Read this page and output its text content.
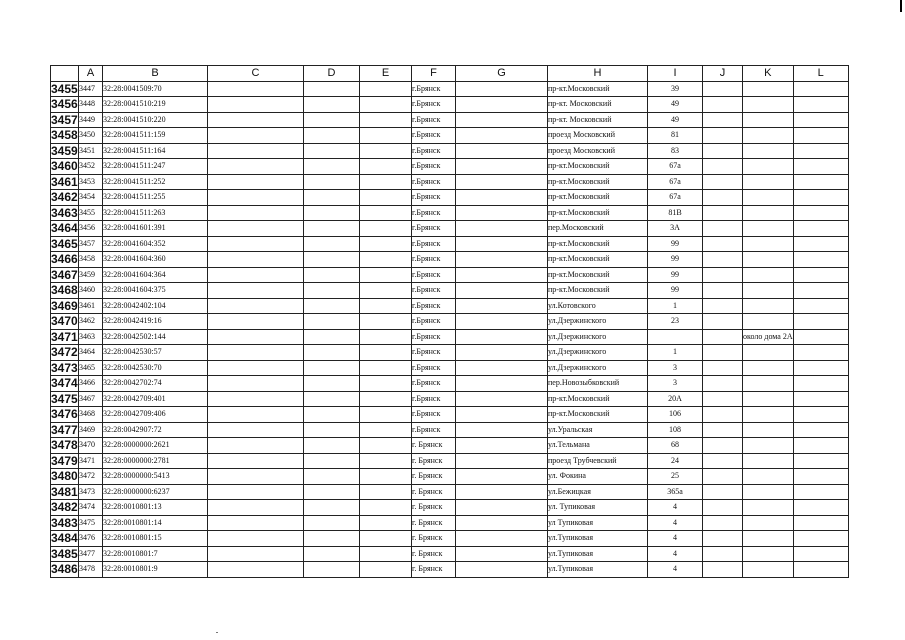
	A	B	C	D	E	F	G	H	I	J	K	L
3455	3447	32:28:0041509:70				г.Брянск		пр-кт.Московский	39			
3456	3448	32:28:0041510:219				г.Брянск		пр-кт. Московский	49			
3457	3449	32:28:0041510:220				г.Брянск		пр-кт. Московский	49			
3458	3450	32:28:0041511:159				г.Брянск		проезд Московский	81			
3459	3451	32:28:0041511:164				г.Брянск		проезд Московский	83			
3460	3452	32:28:0041511:247				г.Брянск		пр-кт.Московский	67а			
3461	3453	32:28:0041511:252				г.Брянск		пр-кт.Московский	67а			
3462	3454	32:28:0041511:255				г.Брянск		пр-кт.Московский	67а			
3463	3455	32:28:0041511:263				г.Брянск		пр-кт.Московский	81В			
3464	3456	32:28:0041601:391				г.Брянск		пер.Московский	3А			
3465	3457	32:28:0041604:352				г.Брянск		пр-кт.Московский	99			
3466	3458	32:28:0041604:360				г.Брянск		пр-кт.Московский	99			
3467	3459	32:28:0041604:364				г.Брянск		пр-кт.Московский	99			
3468	3460	32:28:0041604:375				г.Брянск		пр-кт.Московский	99			
3469	3461	32:28:0042402:104				г.Брянск		ул.Котовского	1			
3470	3462	32:28:0042419:16				г.Брянск		ул.Дзержинского	23			
3471	3463	32:28:0042502:144				г.Брянск		ул.Дзержинского			около дома 2А	
3472	3464	32:28:0042530:57				г.Брянск		ул.Дзержинского	1			
3473	3465	32:28:0042530:70				г.Брянск		ул.Дзержинского	3			
3474	3466	32:28:0042702:74				г.Брянск		пер.Новозыбковский	3			
3475	3467	32:28:0042709:401				г.Брянск		пр-кт.Московский	20А			
3476	3468	32:28:0042709:406				г.Брянск		пр-кт.Московский	106			
3477	3469	32:28:0042907:72				г.Брянск		ул.Уральская	108			
3478	3470	32:28:0000000:2621				г. Брянск		ул.Тельмана	68			
3479	3471	32:28:0000000:2781				г. Брянск		проезд Трубчевский	24			
3480	3472	32:28:0000000:5413				г. Брянск		ул. Фокина	25			
3481	3473	32:28:0000000:6237				г. Брянск		ул.Бежицкая	365а			
3482	3474	32:28:0010801:13				г. Брянск		ул. Тупиковая	4			
3483	3475	32:28:0010801:14				г. Брянск		ул Тупиковая	4			
3484	3476	32:28:0010801:15				г. Брянск		ул.Тупиковая	4			
3485	3477	32:28:0010801:7				г. Брянск		ул.Тупиковая	4			
3486	3478	32:28:0010801:9				г. Брянск		ул.Тупиковая	4			
